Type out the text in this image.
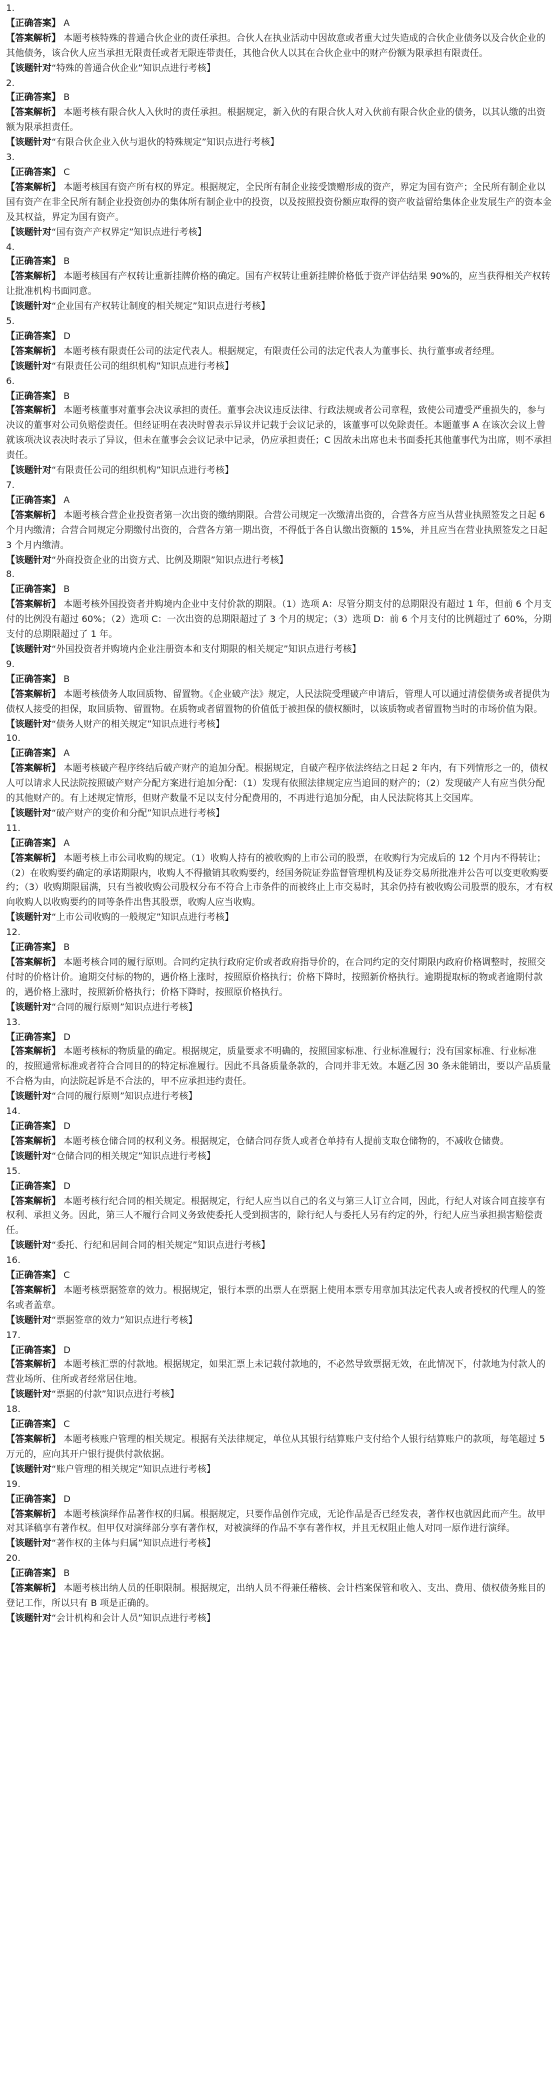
1.
【正确答案】 A
【答案解析】 本题考核特殊的普通合伙企业的责任承担。合伙人在执业活动中因故意或者重大过失造成的合伙企业债务以及合伙企业的其他债务，该合伙人应当承担无限责任或者无限连带责任，其他合伙人以其在合伙企业中的财产份额为限承担有限责任。
【该题针对“特殊的普通合伙企业”知识点进行考核】
2.
【正确答案】 B
【答案解析】 本题考核有限合伙人入伙时的责任承担。根据规定，新入伙的有限合伙人对入伙前有限合伙企业的债务，以其认缴的出资额为限承担责任。
【该题针对“有限合伙企业入伙与退伙的特殊规定”知识点进行考核】
3.
【正确答案】 C
【答案解析】 本题考核国有资产所有权的界定。根据规定，全民所有制企业接受馈赠形成的资产，界定为国有资产；全民所有制企业以国有资产在非全民所有制企业投资创办的集体所有制企业中的投资，以及按照投资份额应取得的资产收益留给集体企业发展生产的资本金及其权益，界定为国有资产。
【该题针对“国有资产产权界定”知识点进行考核】
4.
【正确答案】 B
【答案解析】 本题考核国有产权转让重新挂牌价格的确定。国有产权转让重新挂牌价格低于资产评估结果 90%的，应当获得相关产权转让批准机构书面同意。
【该题针对“企业国有产权转让制度的相关规定”知识点进行考核】
5.
【正确答案】 D
【答案解析】 本题考核有限责任公司的法定代表人。根据规定，有限责任公司的法定代表人为董事长、执行董事或者经理。
【该题针对“有限责任公司的组织机构”知识点进行考核】
6.
【正确答案】 B
【答案解析】 本题考核董事对董事会决议承担的责任。董事会决议违反法律、行政法规或者公司章程，致使公司遭受严重损失的，参与决议的董事对公司负赔偿责任。但经证明在表决时曾表示异议并记载于会议记录的，该董事可以免除责任。本题董事 A 在该次会议上曾就该项决议表决时表示了异议，但未在董事会会议记录中记录，仍应承担责任；C 因故未出席也未书面委托其他董事代为出席，则不承担责任。
【该题针对“有限责任公司的组织机构”知识点进行考核】
7.
【正确答案】 A
【答案解析】 本题考核合营企业投资者第一次出资的缴纳期限。合营公司规定一次缴清出资的，合营各方应当从营业执照签发之日起 6 个月内缴清；合营合同规定分期缴付出资的，合营各方第一期出资，不得低于各自认缴出资额的 15%，并且应当在营业执照签发之日起 3 个月内缴清。
【该题针对“外商投资企业的出资方式、比例及期限”知识点进行考核】
8.
【正确答案】 B
【答案解析】 本题考核外国投资者并购境内企业中支付价款的期限。（1）选项 A：尽管分期支付的总期限没有超过 1 年，但前 6 个月支付的比例没有超过 60%；（2）选项 C：一次出资的总期限超过了 3 个月的规定；（3）选项 D：前 6 个月支付的比例超过了 60%，分期支付的总期限超过了 1 年。
【该题针对“外国投资者并购境内企业注册资本和支付期限的相关规定”知识点进行考核】
9.
【正确答案】 B
【答案解析】 本题考核债务人取回质物、留置物。《企业破产法》规定，人民法院受理破产申请后，管理人可以通过清偿债务或者提供为债权人接受的担保，取回质物、留置物。在质物或者留置物的价值低于被担保的债权额时，以该质物或者留置物当时的市场价值为限。
【该题针对“债务人财产的相关规定”知识点进行考核】
10.
【正确答案】 A
【答案解析】 本题考核破产程序终结后破产财产的追加分配。根据规定，自破产程序依法终结之日起 2 年内，有下列情形之一的，债权人可以请求人民法院按照破产财产分配方案进行追加分配：（1）发现有依照法律规定应当追回的财产的；（2）发现破产人有应当供分配的其他财产的。有上述规定情形，但财产数量不足以支付分配费用的，不再进行追加分配，由人民法院将其上交国库。
【该题针对“破产财产的变价和分配”知识点进行考核】
11.
【正确答案】 A
【答案解析】 本题考核上市公司收购的规定。（1）收购人持有的被收购的上市公司的股票，在收购行为完成后的 12 个月内不得转让；（2）在收购要约确定的承诺期限内，收购人不得撤销其收购要约，经国务院证券监督管理机构及证券交易所批准并公告可以变更收购要约；（3）收购期限届满，只有当被收购公司股权分布不符合上市条件的而被终止上市交易时，其余仍持有被收购公司股票的股东，才有权向收购人以收购要约的同等条件出售其股票，收购人应当收购。
【该题针对“上市公司收购的一般规定”知识点进行考核】
12.
【正确答案】 B
【答案解析】 本题考核合同的履行原则。合同约定执行政府定价或者政府指导价的，在合同约定的交付期限内政府价格调整时，按照交付时的价格计价。逾期交付标的物的，遇价格上涨时，按照原价格执行；价格下降时，按照新价格执行。逾期提取标的物或者逾期付款的，遇价格上涨时，按照新价格执行；价格下降时，按照原价格执行。
【该题针对“合同的履行原则”知识点进行考核】
13.
【正确答案】 D
【答案解析】 本题考核标的物质量的确定。根据规定，质量要求不明确的，按照国家标准、行业标准履行；没有国家标准、行业标准的，按照通常标准或者符合合同目的的特定标准履行。因此不具备质量条款的，合同并非无效。本题乙因 30 条未能销出，要以产品质量不合格为由，向法院起诉是不合法的，甲不应承担违约责任。
【该题针对“合同的履行原则”知识点进行考核】
14.
【正确答案】 D
【答案解析】 本题考核仓储合同的权利义务。根据规定，仓储合同存货人或者仓单持有人提前支取仓储物的，不减收仓储费。
【该题针对“仓储合同的相关规定”知识点进行考核】
15.
【正确答案】 D
【答案解析】 本题考核行纪合同的相关规定。根据规定，行纪人应当以自己的名义与第三人订立合同，因此，行纪人对该合同直接享有权利、承担义务。因此，第三人不履行合同义务致使委托人受到损害的，除行纪人与委托人另有约定的外，行纪人应当承担损害赔偿责任。
【该题针对“委托、行纪和居间合同的相关规定”知识点进行考核】
16.
【正确答案】 C
【答案解析】 本题考核票据签章的效力。根据规定，银行本票的出票人在票据上使用本票专用章加其法定代表人或者授权的代理人的签名或者盖章。
【该题针对“票据签章的效力”知识点进行考核】
17.
【正确答案】 D
【答案解析】 本题考核汇票的付款地。根据规定，如果汇票上未记载付款地的，不必然导致票据无效，在此情况下，付款地为付款人的营业场所、住所或者经常居住地。
【该题针对“票据的付款”知识点进行考核】
18.
【正确答案】 C
【答案解析】 本题考核账户管理的相关规定。根据有关法律规定，单位从其银行结算账户支付给个人银行结算账户的款项，每笔超过 5 万元的，应向其开户银行提供付款依据。
【该题针对“账户管理的相关规定”知识点进行考核】
19.
【正确答案】 D
【答案解析】 本题考核演绎作品著作权的归属。根据规定，只要作品创作完成，无论作品是否已经发表，著作权也就因此而产生。故甲对其译稿享有著作权。但甲仅对演绎部分享有著作权，对被演绎的作品不享有著作权，并且无权阻止他人对同一原作进行演绎。
【该题针对“著作权的主体与归属”知识点进行考核】
20.
【正确答案】 B
【答案解析】 本题考核出纳人员的任职限制。根据规定，出纳人员不得兼任稽核、会计档案保管和收入、支出、费用、债权债务账目的登记工作，所以只有 B 项是正确的。
【该题针对“会计机构和会计人员”知识点进行考核】
